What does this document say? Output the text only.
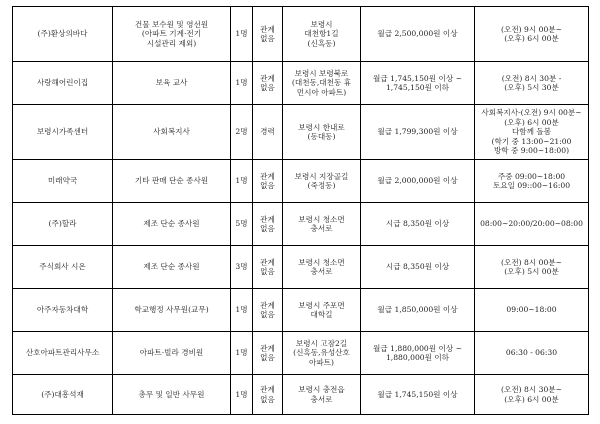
(주)환상의바다	건물 보수원 및 영선원
(아파트 기계·전기
시설관리 제외)	1명	관계
없음	보령시
대천항1길
(신흑동)	월급 2,500,000원 이상	(오전) 9시 00분~
(오후) 6시 00분

사랑해어린이집	보육 교사	1명	관계
없음	보령시 보령북로
(대천동,대천동 휴
먼시아 아파트)	월급 1,745,150원 이상 ~
1,745,150원 이하	(오전) 8시 30분 -
(오후) 5시 30분

보령시가족센터	사회복지사	2명	경력	보령시 한내로
(동대동)	월급 1,799,300원 이상	사회복지사-(오전) 9시 00분~
(오후) 6시 00분
다함께 돌봄
(학기 중 13:00~21:00
방학 중 9:00~18:00)

미래약국	기타 판매 단순 종사원	1명	관계
없음	보령시 지장골길
(죽정동)	월급 2,000,000원 이상	주중 09:00~18:00
토요일 09::00~16:00

(주)할라	제조 단순 종사원	5명	관계
없음	보령시 청소면
충서로	시급 8,350원 이상	08:00~20:00/20:00~08:00

주식회사 시온	제조 단순 종사원	3명	관계
없음	보령시 청소면
충서로	시급 8,350원 이상	(오전) 8시 00분~
(오후) 5시 00분

아주자동차대학	학교행정 사무원(교무)	1명	관계
없음	보령시 주포면
대학길	월급 1,850,000원 이상	09:00~18:00

산호아파트관리사무소	아파트·빌라 경비원	1명	관계
없음	보령시 고잠2길
(신흑동,유성산호
아파트)	월급 1,880,000원 이상 ~
1,880,000원 이하	06:30 - 06:30

(주)대흥석재	총무 및 일반 사무원	1명	관계
없음	보령시 충전읍
충서로	월급 1,745,150원 이상	(오전) 8시 30분~
(오후) 6시 00분
